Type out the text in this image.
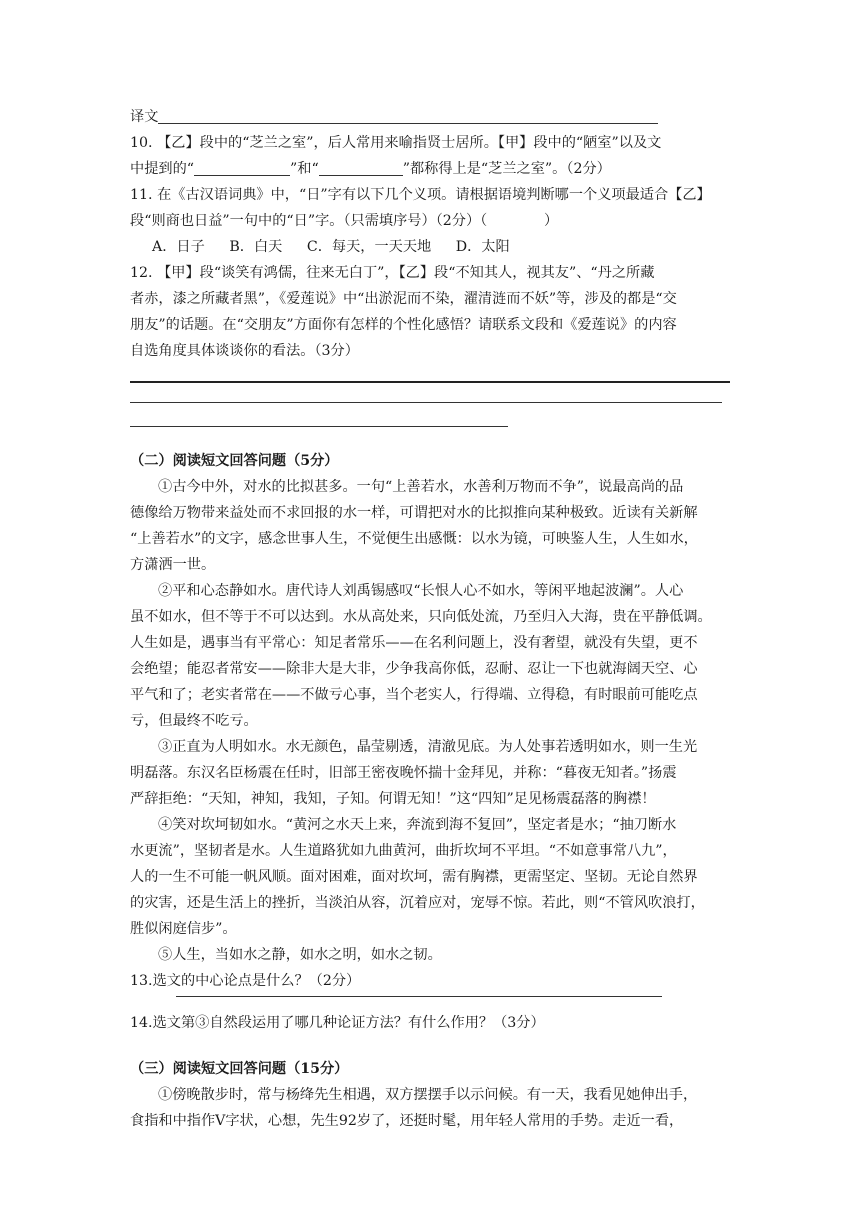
译文
10. 【乙】段中的“芝兰之室”，后人常用来喻指贤士居所。【甲】段中的“陋室”以及文
中提到的“	”和“	”都称得上是“芝兰之室”。（2分）
11. 在《古汉语词典》中，“日”字有以下几个义项。请根据语境判断哪一个义项最适合【乙】
段“则商也日益”一句中的“日”字。（只需填序号）（2分）（　　　　）
A．日子 B．白天 C．每天，一天天地 D．太阳
12. 【甲】段“谈笑有鸿儒，往来无白丁”，【乙】段“不知其人，视其友”、“丹之所藏
者赤，漆之所藏者黑”，《爱莲说》中“出淤泥而不染，濯清涟而不妖”等，涉及的都是“交
朋友”的话题。在“交朋友”方面你有怎样的个性化感悟？请联系文段和《爱莲说》的内容
自选角度具体谈谈你的看法。（3分）
（二）阅读短文回答问题（5分）
①古今中外，对水的比拟甚多。一句“上善若水，水善利万物而不争”，说最高尚的品
德像给万物带来益处而不求回报的水一样，可谓把对水的比拟推向某种极致。近读有关新解
“上善若水”的文字，感念世事人生，不觉便生出感慨：以水为镜，可映鉴人生，人生如水，
方潇洒一世。
②平和心态静如水。唐代诗人刘禹锡感叹“长恨人心不如水，等闲平地起波澜”。人心
虽不如水，但不等于不可以达到。水从高处来，只向低处流，乃至归入大海，贵在平静低调。
人生如是，遇事当有平常心：知足者常乐——在名利问题上，没有奢望，就没有失望，更不
会绝望；能忍者常安——除非大是大非，少争我高你低，忍耐、忍让一下也就海阔天空、心
平气和了；老实者常在——不做亏心事，当个老实人，行得端、立得稳，有时眼前可能吃点
亏，但最终不吃亏。
③正直为人明如水。水无颜色，晶莹剔透，清澈见底。为人处事若透明如水，则一生光
明磊落。东汉名臣杨震在任时，旧部王密夜晚怀揣十金拜见，并称：“暮夜无知者。”扬震
严辞拒绝：“天知，神知，我知，子知。何谓无知！”这“四知”足见杨震磊落的胸襟！
④笑对坎坷韧如水。“黄河之水天上来，奔流到海不复回”，坚定者是水；“抽刀断水
水更流”，坚韧者是水。人生道路犹如九曲黄河，曲折坎坷不平坦。“不如意事常八九”，
人的一生不可能一帆风顺。面对困难，面对坎坷，需有胸襟，更需坚定、坚韧。无论自然界
的灾害，还是生活上的挫折，当淡泊从容，沉着应对，宠辱不惊。若此，则“不管风吹浪打，
胜似闲庭信步”。
⑤人生，当如水之静，如水之明，如水之韧。
13.选文的中心论点是什么？（2分）
14.选文第③自然段运用了哪几种论证方法？有什么作用？（3分）
（三）阅读短文回答问题（15分）
①傍晚散步时，常与杨绛先生相遇，双方摆摆手以示问候。有一天，我看见她伸出手，
食指和中指作V字状，心想，先生92岁了，还挺时髦，用年轻人常用的手势。走近一看，
